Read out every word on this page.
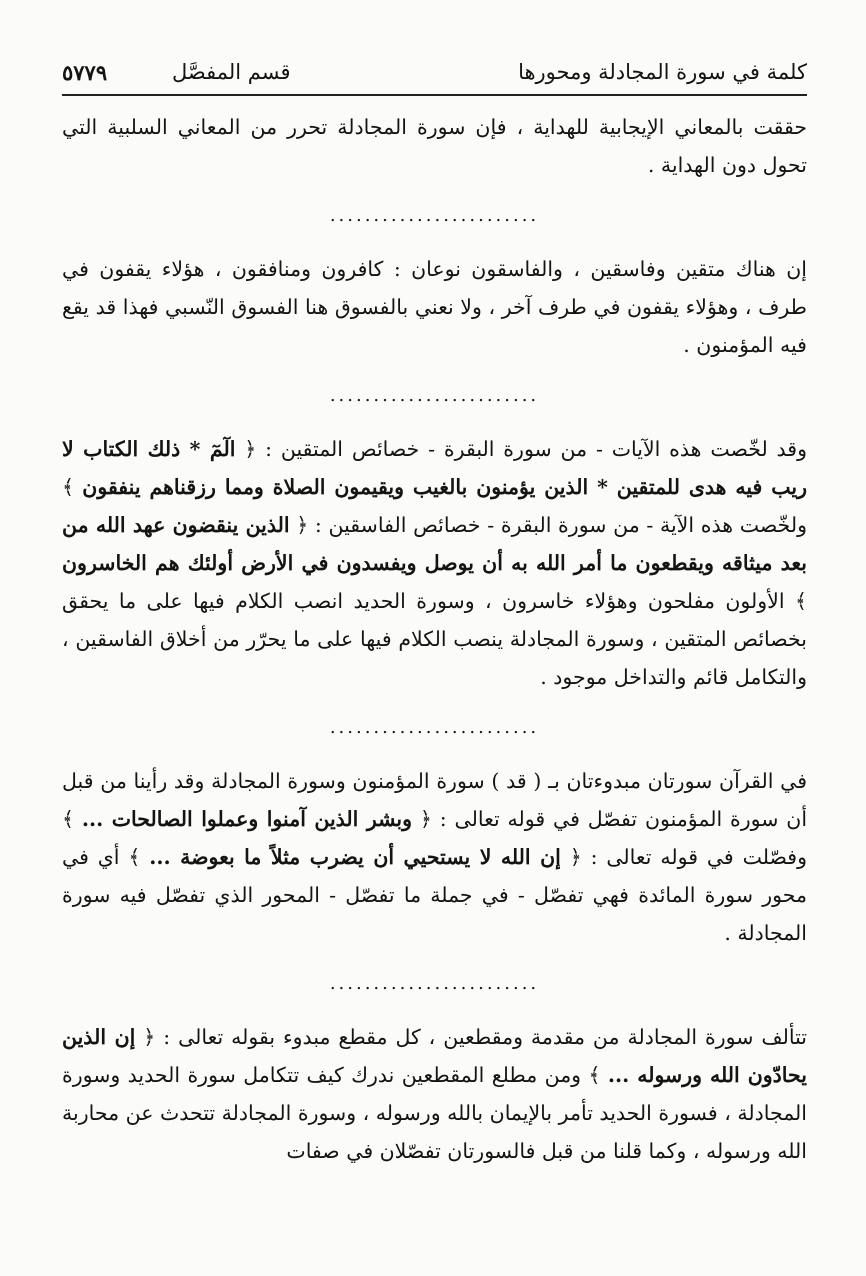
كلمة في سورة المجادلة ومحورها
قسم المفصَّل
٥٧٧٩

حققت بالمعاني الإيجابية للهداية ، فإن سورة المجادلة تحرر من المعاني السلبية التي تحول دون الهداية .

........................

إن هناك متقين وفاسقين ، والفاسقون نوعان : كافرون ومنافقون ، هؤلاء يقفون في طرف ، وهؤلاء يقفون في طرف آخر ، ولا نعني بالفسوق هنا الفسوق النّسبي فهذا قد يقع فيه المؤمنون .

........................

وقد لخّصت هذه الآيات - من سورة البقرة - خصائص المتقين : ﴿ الٓمٓ * ذلك الكتاب لا ريب فيه هدى للمتقين * الذين يؤمنون بالغيب ويقيمون الصلاة ومما رزقناهم ينفقون ﴾ ولخّصت هذه الآية - من سورة البقرة - خصائص الفاسقين : ﴿ الذين ينقضون عهد الله من بعد ميثاقه ويقطعون ما أمر الله به أن يوصل ويفسدون في الأرض أولئك هم الخاسرون ﴾ الأولون مفلحون وهؤلاء خاسرون ، وسورة الحديد انصب الكلام فيها على ما يحقق بخصائص المتقين ، وسورة المجادلة ينصب الكلام فيها على ما يحرّر من أخلاق الفاسقين ، والتكامل قائم والتداخل موجود .

........................

في القرآن سورتان مبدوءتان بـ ( قد ) سورة المؤمنون وسورة المجادلة وقد رأينا من قبل أن سورة المؤمنون تفصّل في قوله تعالى : ﴿ وبشر الذين آمنوا وعملوا الصالحات ... ﴾ وفصّلت في قوله تعالى : ﴿ إن الله لا يستحيي أن يضرب مثلاً ما بعوضة ... ﴾ أي في محور سورة المائدة فهي تفصّل - في جملة ما تفصّل - المحور الذي تفصّل فيه سورة المجادلة .

........................

تتألف سورة المجادلة من مقدمة ومقطعين ، كل مقطع مبدوء بقوله تعالى : ﴿ إن الذين يحادّون الله ورسوله ... ﴾ ومن مطلع المقطعين ندرك كيف تتكامل سورة الحديد وسورة المجادلة ، فسورة الحديد تأمر بالإيمان بالله ورسوله ، وسورة المجادلة تتحدث عن محاربة الله ورسوله ، وكما قلنا من قبل فالسورتان تفصّلان في صفات
